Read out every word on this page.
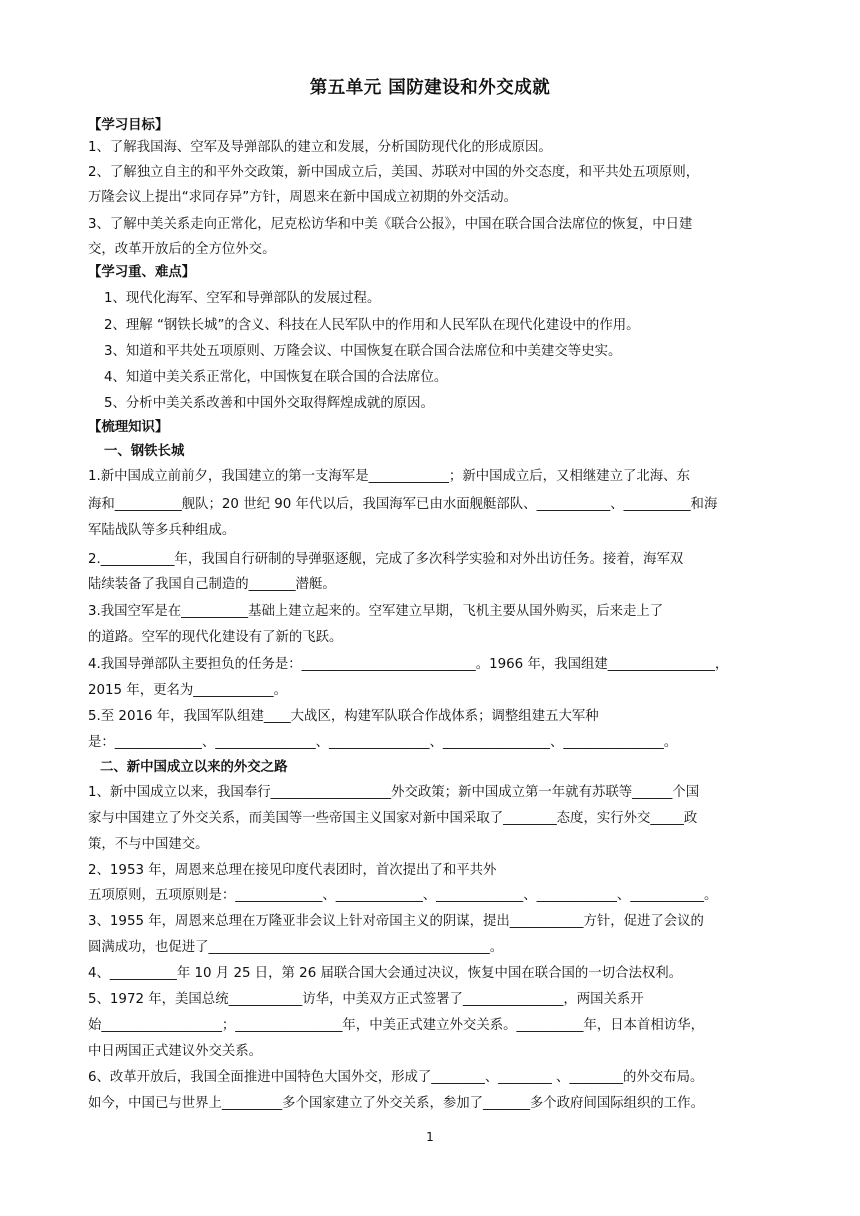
第五单元 国防建设和外交成就
【学习目标】
1、了解我国海、空军及导弹部队的建立和发展，分析国防现代化的形成原因。
2、了解独立自主的和平外交政策，新中国成立后，美国、苏联对中国的外交态度，和平共处五项原则，
万隆会议上提出“求同存异”方针，周恩来在新中国成立初期的外交活动。
3、了解中美关系走向正常化，尼克松访华和中美《联合公报》，中国在联合国合法席位的恢复，中日建
交，改革开放后的全方位外交。
【学习重、难点】
1、现代化海军、空军和导弹部队的发展过程。
2、理解 “钢铁长城”的含义、科技在人民军队中的作用和人民军队在现代化建设中的作用。
3、知道和平共处五项原则、万隆会议、中国恢复在联合国合法席位和中美建交等史实。
4、知道中美关系正常化，中国恢复在联合国的合法席位。
5、分析中美关系改善和中国外交取得辉煌成就的原因。
【梳理知识】
一、钢铁长城
1.新中国成立前前夕，我国建立的第一支海军是____________；新中国成立后，又相继建立了北海、东
海和__________舰队；20 世纪 90 年代以后，我国海军已由水面舰艇部队、___________、__________和海
军陆战队等多兵种组成。
2.___________年，我国自行研制的导弹驱逐舰，完成了多次科学实验和对外出访任务。接着，海军双
陆续装备了我国自己制造的_______潜艇。
3.我国空军是在__________基础上建立起来的。空军建立早期，飞机主要从国外购买，后来走上了
的道路。空军的现代化建设有了新的飞跃。
4.我国导弹部队主要担负的任务是：__________________________。1966 年，我国组建________________，
2015 年，更名为____________。
5.至 2016 年，我国军队组建____大战区，构建军队联合作战体系；调整组建五大军种
是：_____________、_______________、_______________、________________、_______________。
二、新中国成立以来的外交之路
1、新中国成立以来，我国奉行__________________外交政策；新中国成立第一年就有苏联等______个国
家与中国建立了外交关系，而美国等一些帝国主义国家对新中国采取了________态度，实行外交_____政
策，不与中国建交。
2、1953 年，周恩来总理在接见印度代表团时，首次提出了和平共外
五项原则，五项原则是：_____________、_____________、_____________、____________、___________。
3、1955 年，周恩来总理在万隆亚非会议上针对帝国主义的阴谋，提出___________方针，促进了会议的
圆满成功，也促进了__________________________________________。
4、__________年 10 月 25 日，第 26 届联合国大会通过决议，恢复中国在联合国的一切合法权利。
5、1972 年，美国总统___________访华，中美双方正式签署了_______________，两国关系开
始__________________；________________年，中美正式建立外交关系。__________年，日本首相访华，
中日两国正式建议外交关系。
6、改革开放后，我国全面推进中国特色大国外交，形成了________、________ 、________的外交布局。
如今，中国已与世界上_________多个国家建立了外交关系，参加了_______多个政府间国际组织的工作。
1
